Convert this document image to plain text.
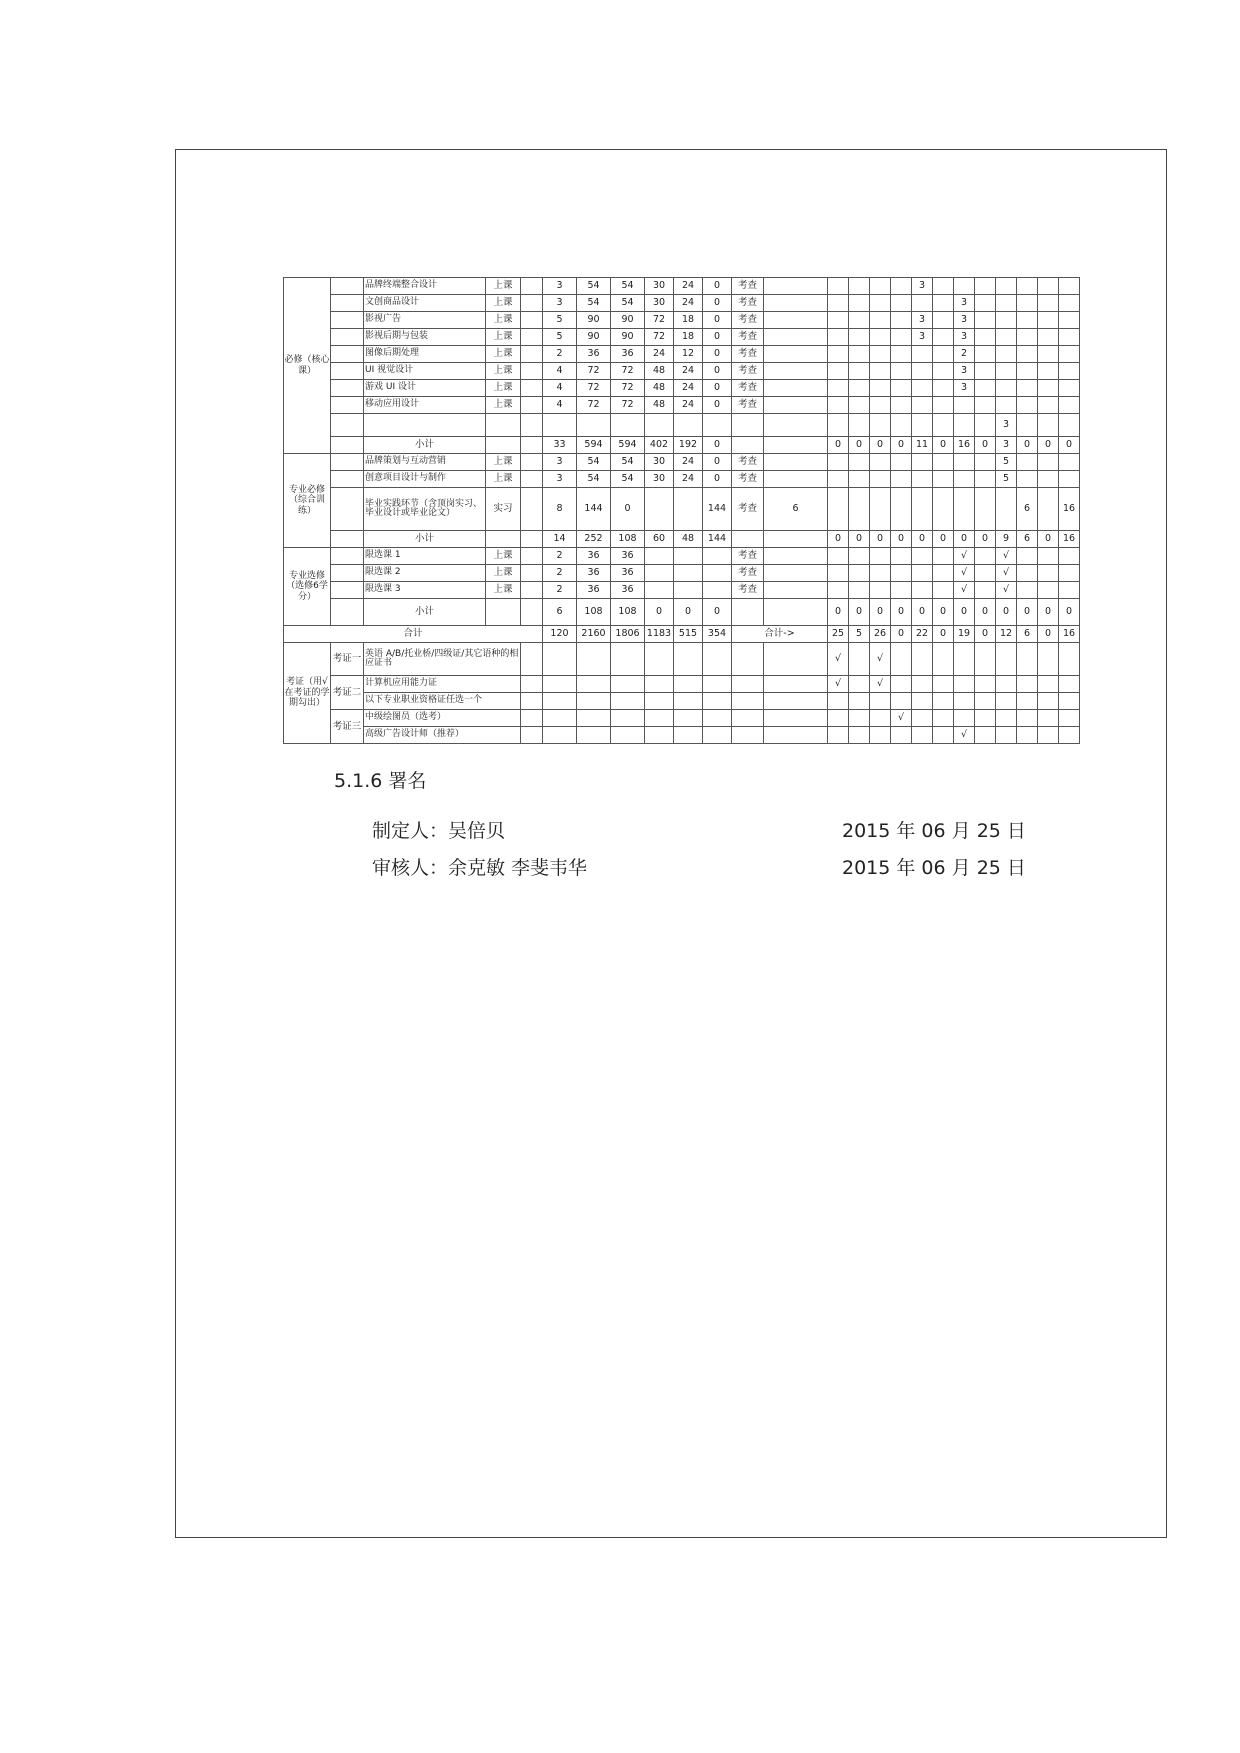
必修（核心课）		品牌终端整合设计	上课		3	54	54	30	24	0	考查						3							
		文创商品设计	上课		3	54	54	30	24	0	考查								3					
		影视广告	上课		5	90	90	72	18	0	考查						3		3					
		影视后期与包装	上课		5	90	90	72	18	0	考查						3		3					
		图像后期处理	上课		2	36	36	24	12	0	考查								2					
		UI 视觉设计	上课		4	72	72	48	24	0	考查								3					
		游戏 UI 设计	上课		4	72	72	48	24	0	考查								3					
		移动应用设计	上课		4	72	72	48	24	0	考查													
																					3			
		小计			33	594	594	402	192	0			0	0	0	0	11	0	16	0	3	0	0	0
专业必修（综合训练）		品牌策划与互动营销	上课		3	54	54	30	24	0	考查										5			
		创意项目设计与制作	上课		3	54	54	30	24	0	考查										5			
		毕业实践环节（含顶岗实习、毕业设计或毕业论文）	实习		8	144	0			144	考查	6										6		16
		小计			14	252	108	60	48	144			0	0	0	0	0	0	0	0	9	6	0	16
专业选修（选修6学分）		限选课 1	上课		2	36	36				考查								√		√			
		限选课 2	上课		2	36	36				考查								√		√			
		限选课 3	上课		2	36	36				考查								√		√			
		小计			6	108	108	0	0	0			0	0	0	0	0	0	0	0	0	0	0	0
合计					120	2160	1806	1183	515	354	合计->		25	5	26	0	22	0	19	0	12	6	0	16
考证（用√在考证的学期勾出）	考证一	英语 A/B/托业桥/四级证/其它语种的相应证书											√		√									
	考证二	计算机应用能力证											√		√									
		以下专业职业资格证任选一个																						
	考证三	中级绘图员（选考）														√								
		高级广告设计师（推荐）																	√					
5.1.6 署名
制定人：吴倍贝	2015 年 06 月 25 日
审核人：余克敏 李斐韦华	2015 年 06 月 25 日
